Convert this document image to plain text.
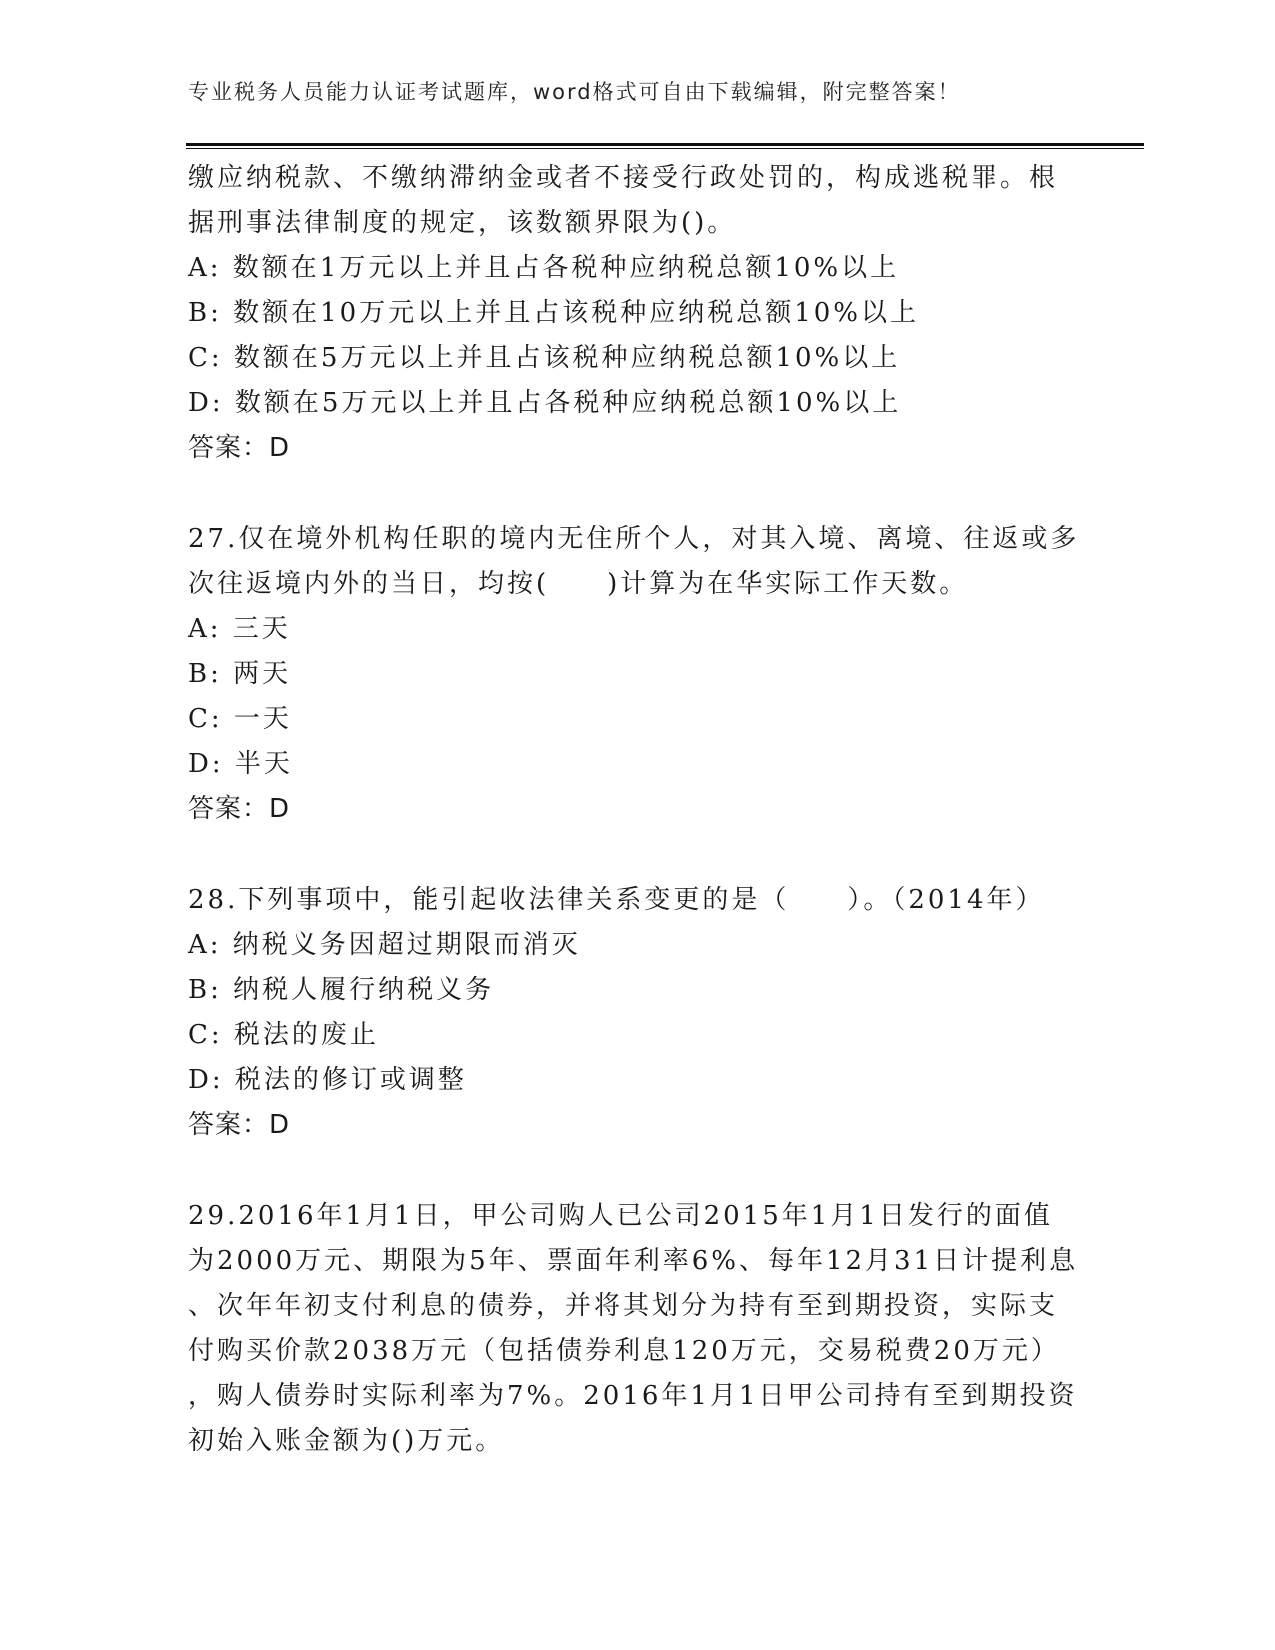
专业税务人员能力认证考试题库，word格式可自由下载编辑，附完整答案！
缴应纳税款、不缴纳滞纳金或者不接受行政处罚的，构成逃税罪。根
据刑事法律制度的规定，该数额界限为()。
A: 数额在1万元以上并且占各税种应纳税总额10%以上
B: 数额在10万元以上并且占该税种应纳税总额10%以上
C: 数额在5万元以上并且占该税种应纳税总额10%以上
D: 数额在5万元以上并且占各税种应纳税总额10%以上
答案：D
27.仅在境外机构任职的境内无住所个人，对其入境、离境、往返或多
次往返境内外的当日，均按(　　)计算为在华实际工作天数。
A: 三天
B: 两天
C: 一天
D: 半天
答案：D
28.下列事项中，能引起收法律关系变更的是（　　）。（2014年）
A: 纳税义务因超过期限而消灭
B: 纳税人履行纳税义务
C: 税法的废止
D: 税法的修订或调整
答案：D
29.2016年1月1日，甲公司购人已公司2015年1月1日发行的面值
为2000万元、期限为5年、票面年利率6%、每年12月31日计提利息
、次年年初支付利息的债券，并将其划分为持有至到期投资，实际支
付购买价款2038万元（包括债券利息120万元，交易税费20万元）
，购人债券时实际利率为7%。2016年1月1日甲公司持有至到期投资
初始入账金额为()万元。
